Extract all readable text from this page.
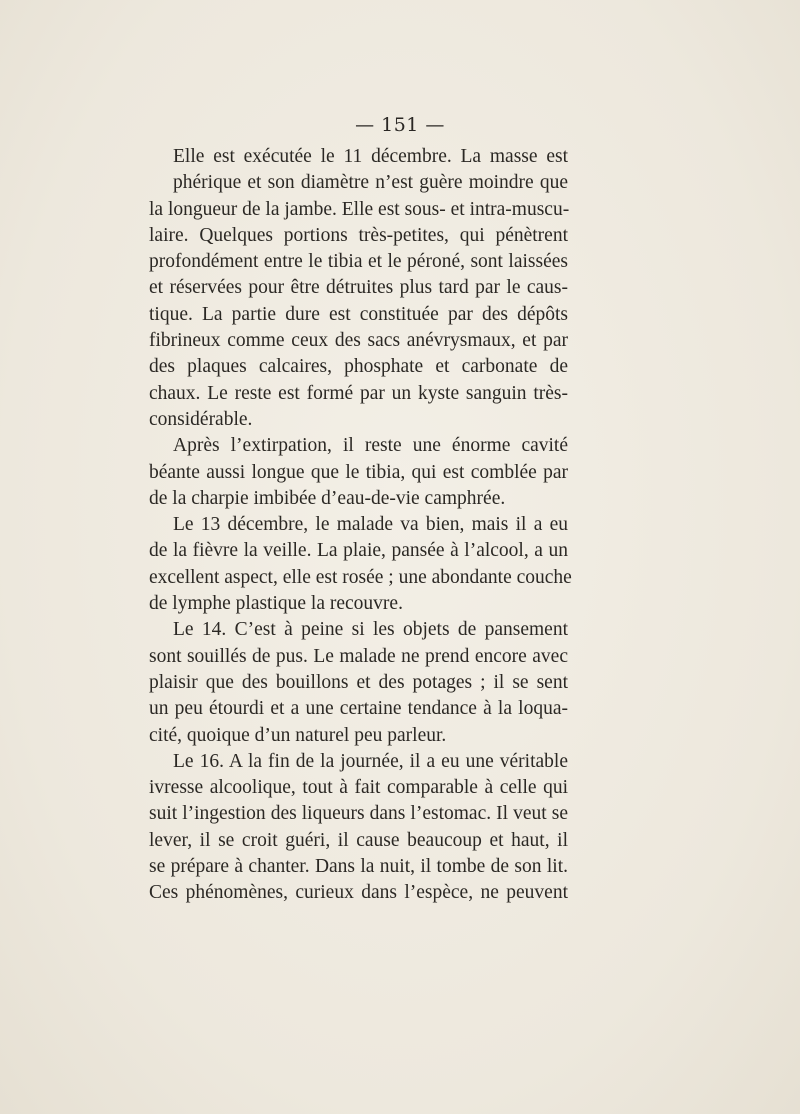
— 151 —
Elle est exécutée le 11 décembre. La masse est
phérique et son diamètre n’est guère moindre que
la longueur de la jambe. Elle est sous- et intra-muscu-
laire. Quelques portions très-petites, qui pénètrent
profondément entre le tibia et le péroné, sont laissées
et réservées pour être détruites plus tard par le caus-
tique. La partie dure est constituée par des dépôts
fibrineux comme ceux des sacs anévrysmaux, et par
des plaques calcaires, phosphate et carbonate de
chaux. Le reste est formé par un kyste sanguin très-
considérable.
Après l’extirpation, il reste une énorme cavité
béante aussi longue que le tibia, qui est comblée par
de la charpie imbibée d’eau-de-vie camphrée.
Le 13 décembre, le malade va bien, mais il a eu
de la fièvre la veille. La plaie, pansée à l’alcool, a un
excellent aspect, elle est rosée ; une abondante couche
de lymphe plastique la recouvre.
Le 14. C’est à peine si les objets de pansement
sont souillés de pus. Le malade ne prend encore avec
plaisir que des bouillons et des potages ; il se sent
un peu étourdi et a une certaine tendance à la loqua-
cité, quoique d’un naturel peu parleur.
Le 16. A la fin de la journée, il a eu une véritable
ivresse alcoolique, tout à fait comparable à celle qui
suit l’ingestion des liqueurs dans l’estomac. Il veut se
lever, il se croit guéri, il cause beaucoup et haut, il
se prépare à chanter. Dans la nuit, il tombe de son lit.
Ces phénomènes, curieux dans l’espèce, ne peuvent
